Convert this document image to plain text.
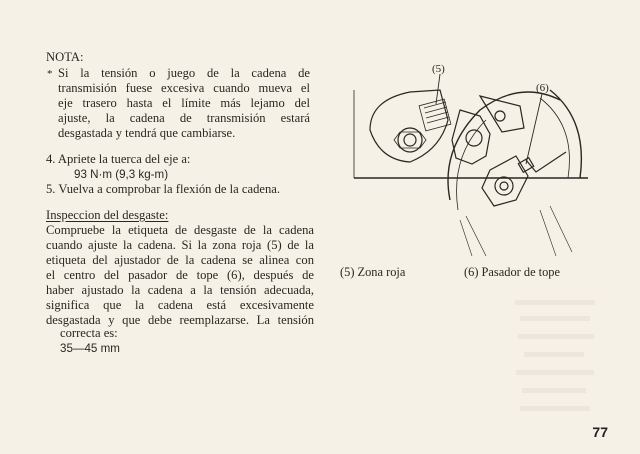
NOTA:
* Si la tensión o juego de la cadena de
transmisión fuese excesiva cuando mueva el
eje trasero hasta el límite más lejamo del
ajuste, la cadena de transmisión estará
desgastada y tendrá que cambiarse.
4. Apriete la tuerca del eje a:
93 N·m (9,3 kg-m)
5. Vuelva a comprobar la flexión de la cadena.
Inspeccion del desgaste:
Compruebe la etiqueta de desgaste de la cadena
cuando ajuste la cadena. Si la zona roja (5) de la
etiqueta del ajustador de la cadena se alinea con
el centro del pasador de tope (6), después de
haber ajustado la cadena a la tensión adecuada,
significa que la cadena está excesivamente
desgastada y que debe reemplazarse. La tensión
correcta es:
35—45 mm
(5)
(6)
(5) Zona roja	(6) Pasador de tope
77
